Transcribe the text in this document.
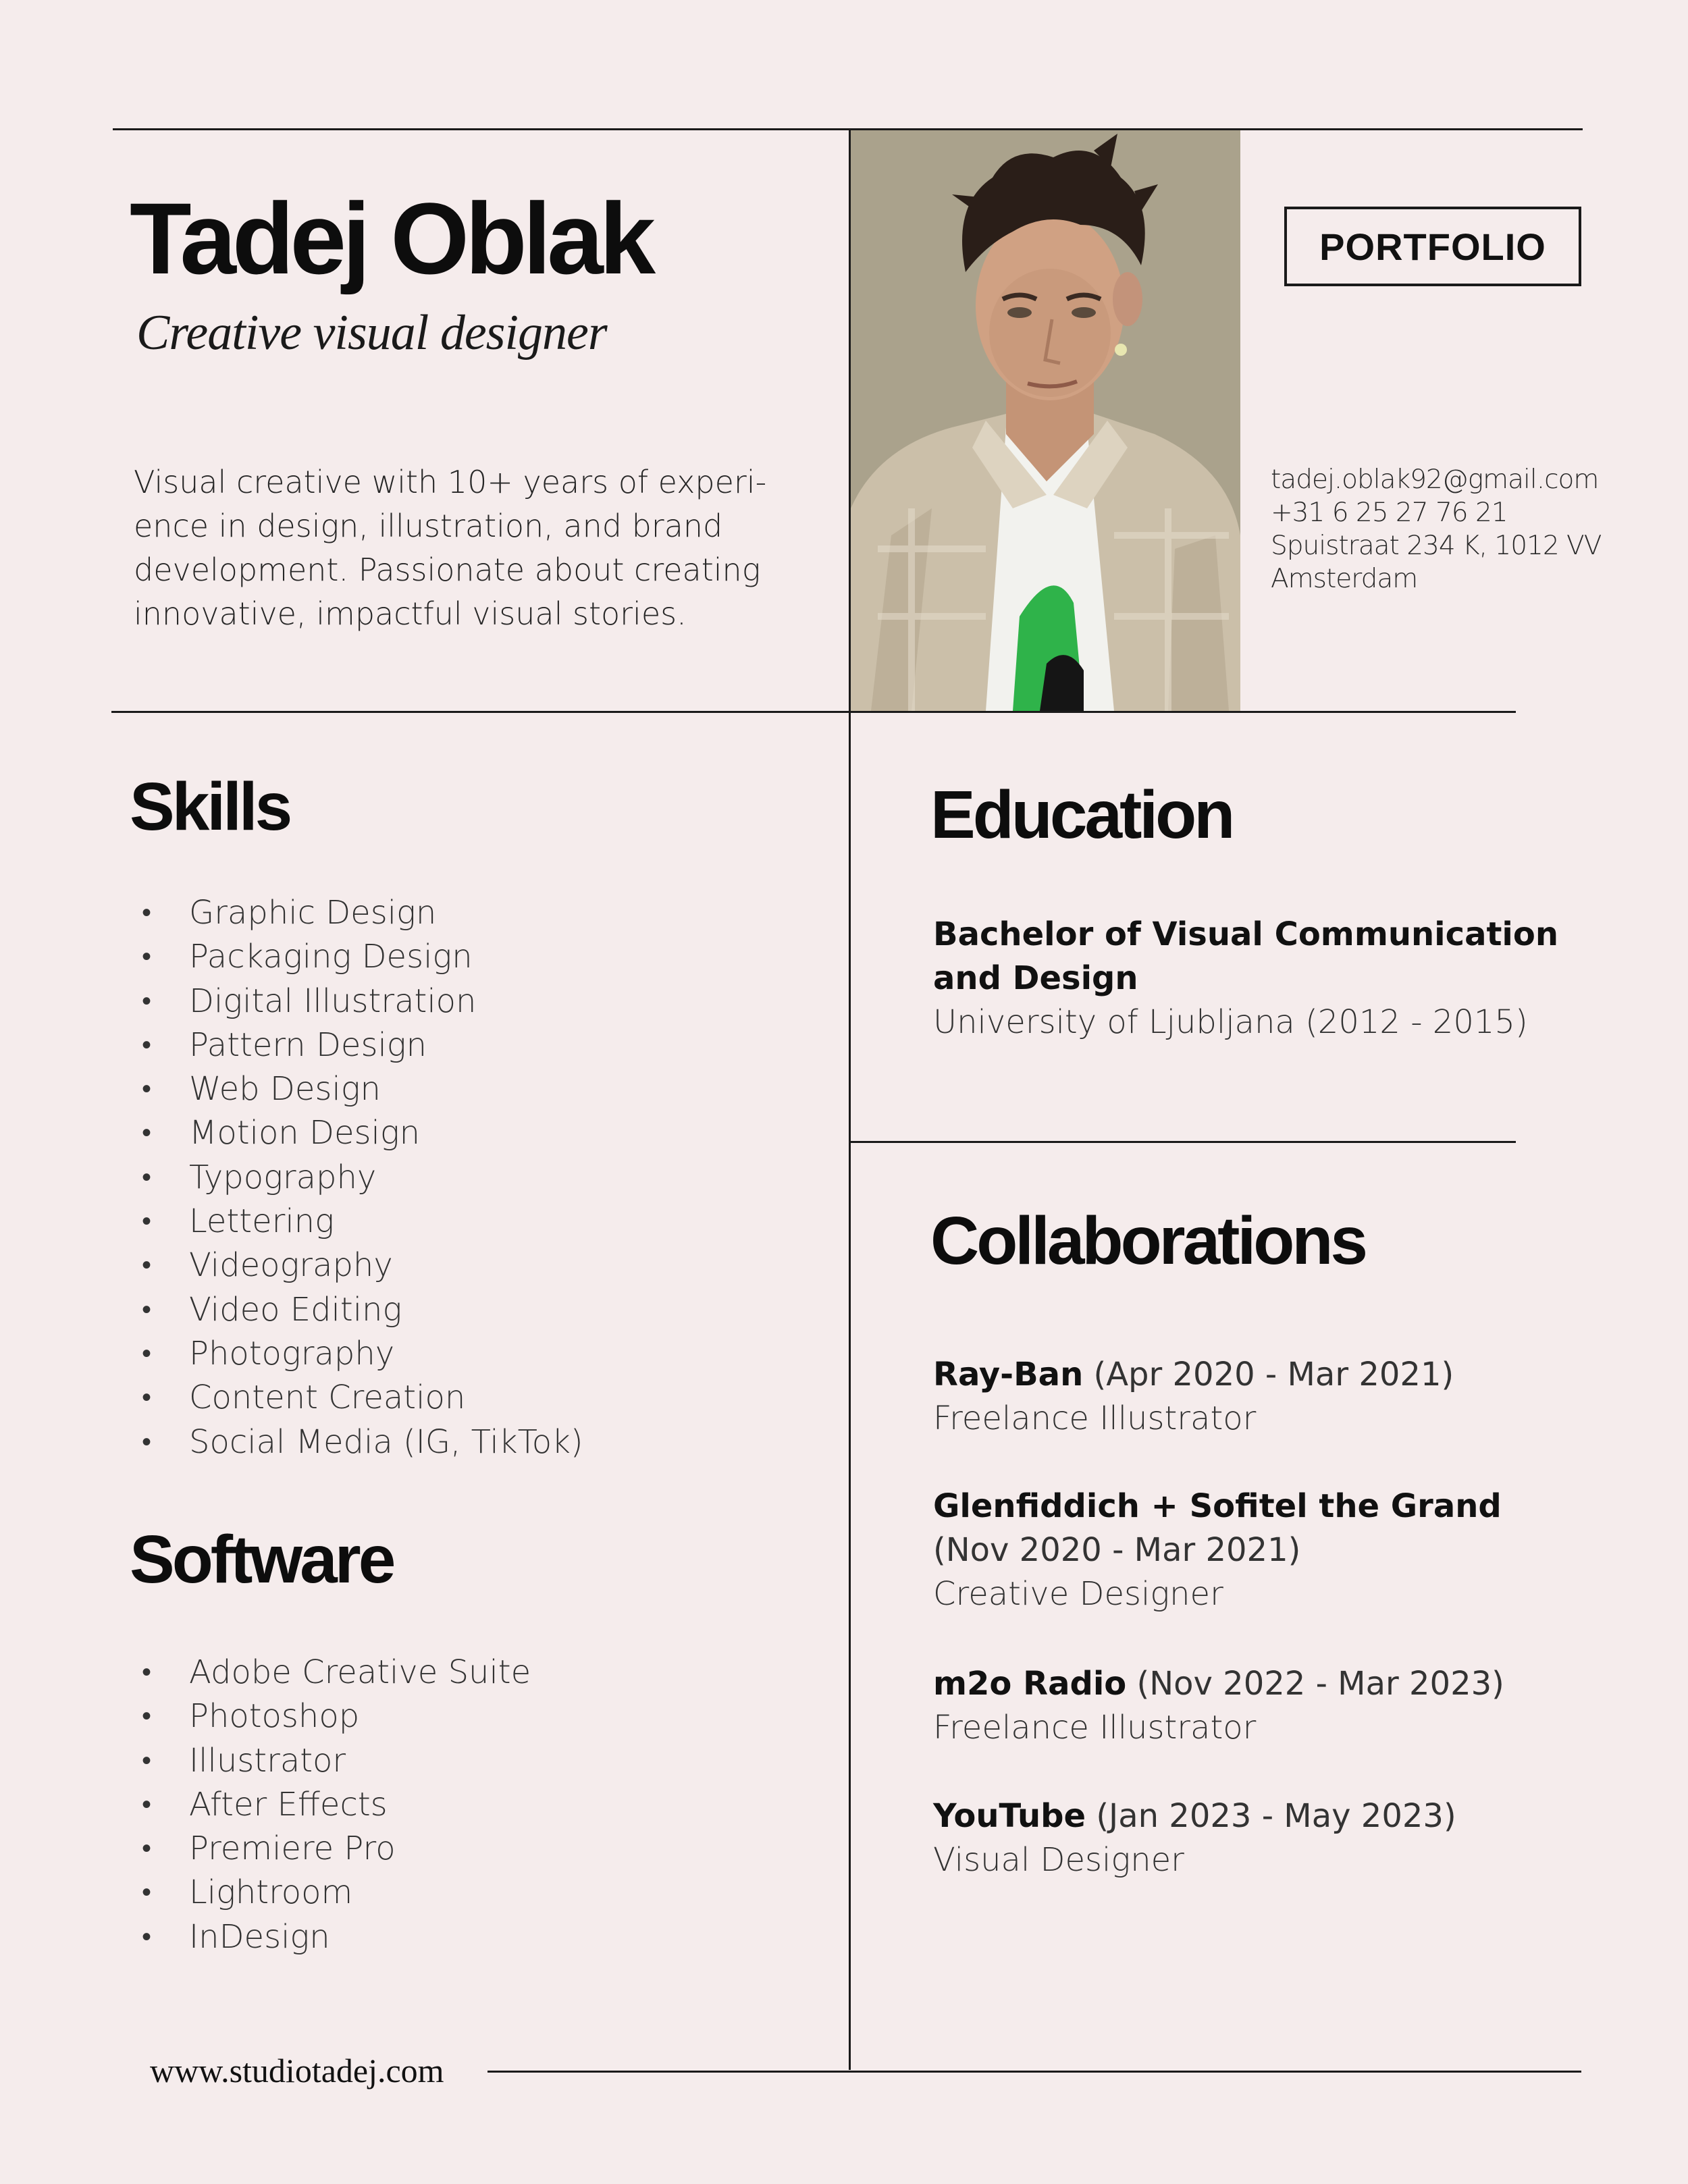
Tadej Oblak
Creative visual designer

Visual creative with 10+ years of experi-

ence in design, illustration, and brand

development. Passionate about creating

innovative, impactful visual stories.

PORTFOLIO
tadej.oblak92@gmail.com
+31 6 25 27 76 21
Spuistraat 234 K, 1012 VV
Amsterdam
Skills
• Graphic Design
• Packaging Design
• Digital Illustration
• Pattern Design
• Web Design
• Motion Design
• Typography
• Lettering
• Videography
• Video Editing
• Photography
• Content Creation
• Social Media (IG, TikTok)
Software
• Adobe Creative Suite
• Photoshop
• Illustrator
• After Effects
• Premiere Pro
• Lightroom
• InDesign
Education
Bachelor of Visual Communication
and Design
University of Ljubljana (2012 - 2015)
Collaborations
Ray-Ban (Apr 2020 - Mar 2021)
Freelance Illustrator
Glenfiddich + Sofitel the Grand
(Nov 2020 - Mar 2021)
Creative Designer
m2o Radio (Nov 2022 - Mar 2023)
Freelance Illustrator
YouTube (Jan 2023 - May 2023)
Visual Designer
www.studiotadej.com
